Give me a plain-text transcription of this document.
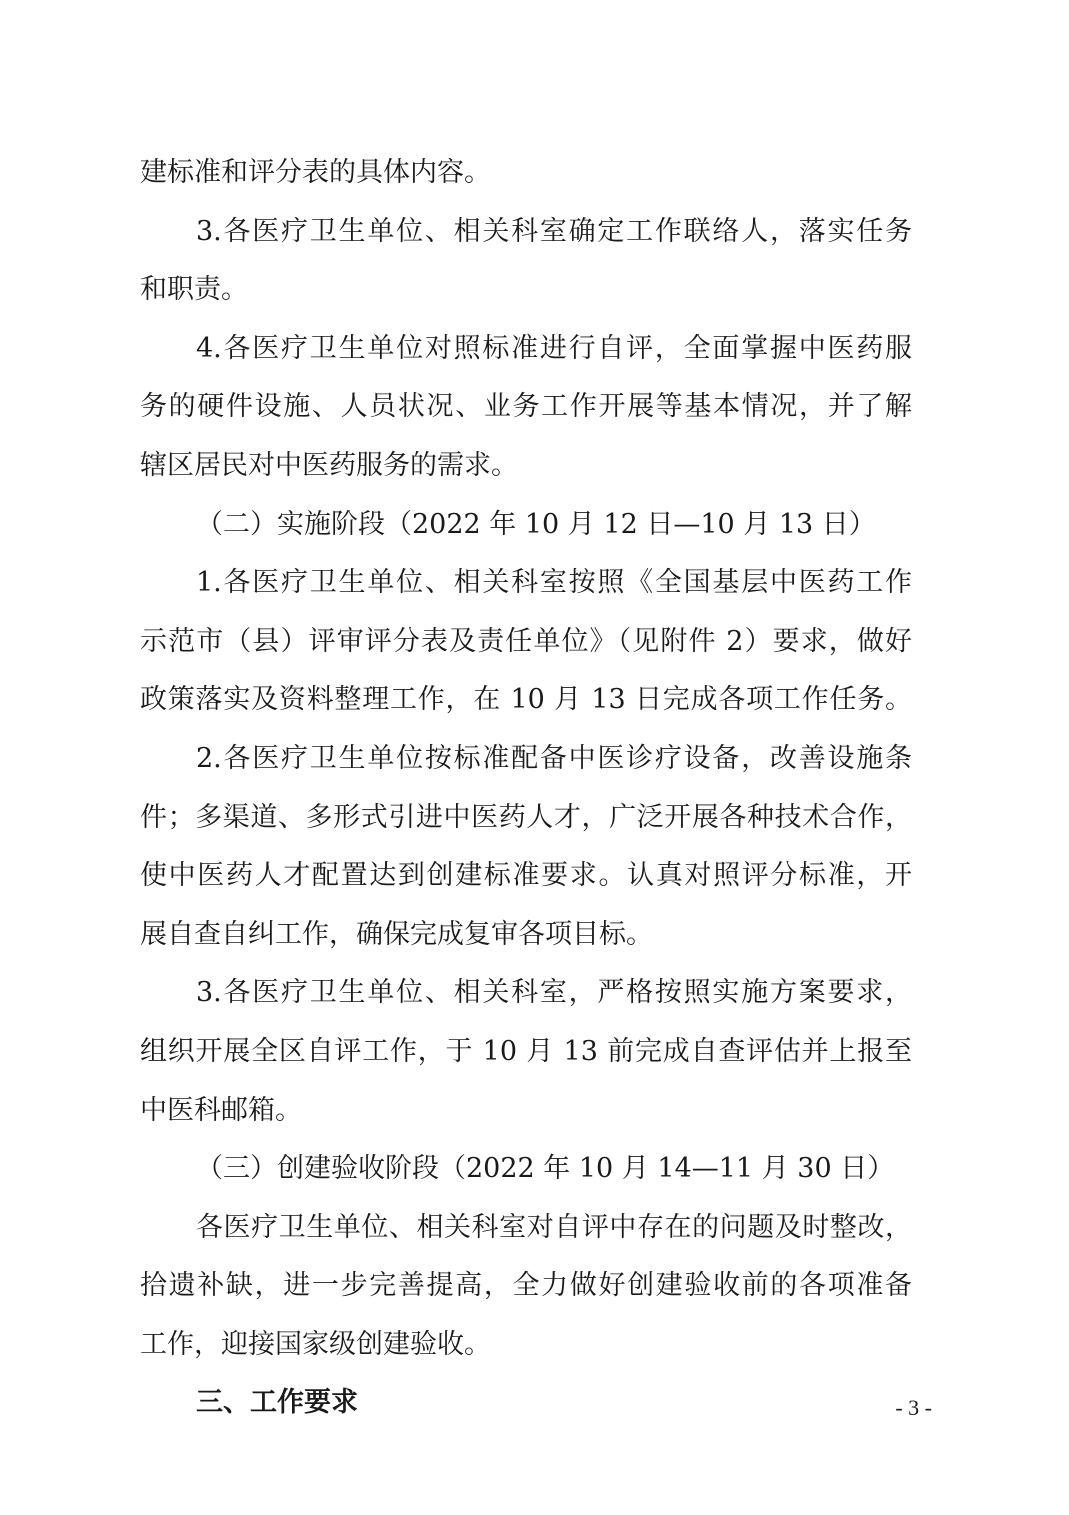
建标准和评分表的具体内容。
3.各医疗卫生单位、相关科室确定工作联络人，落实任务
和职责。
4.各医疗卫生单位对照标准进行自评，全面掌握中医药服
务的硬件设施、人员状况、业务工作开展等基本情况，并了解
辖区居民对中医药服务的需求。
（二）实施阶段（2022 年 10 月 12 日—10 月 13 日）
1.各医疗卫生单位、相关科室按照《全国基层中医药工作
示范市（县）评审评分表及责任单位》（见附件 2）要求，做好
政策落实及资料整理工作，在 10 月 13 日完成各项工作任务。
2.各医疗卫生单位按标准配备中医诊疗设备，改善设施条
件；多渠道、多形式引进中医药人才，广泛开展各种技术合作，
使中医药人才配置达到创建标准要求。认真对照评分标准，开
展自查自纠工作，确保完成复审各项目标。
3.各医疗卫生单位、相关科室，严格按照实施方案要求，
组织开展全区自评工作，于 10 月 13 前完成自查评估并上报至
中医科邮箱。
（三）创建验收阶段（2022 年 10 月 14—11 月 30 日）
各医疗卫生单位、相关科室对自评中存在的问题及时整改，
拾遗补缺，进一步完善提高，全力做好创建验收前的各项准备
工作，迎接国家级创建验收。
三、工作要求	- 3 -
